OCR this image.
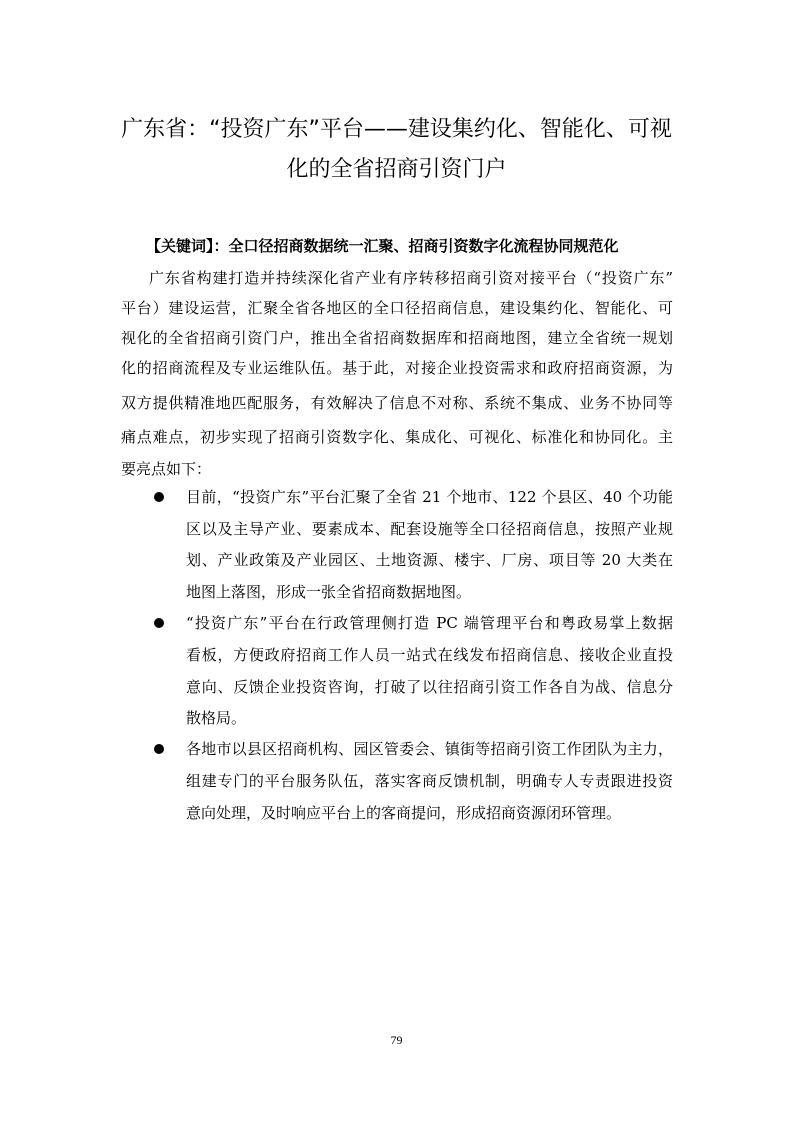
广东省：“投资广东”平台——建设集约化、智能化、可视
化的全省招商引资门户
【关键词】：全口径招商数据统一汇聚、招商引资数字化流程协同规范化
广东省构建打造并持续深化省产业有序转移招商引资对接平台（“投资广东”
平台）建设运营，汇聚全省各地区的全口径招商信息，建设集约化、智能化、可
视化的全省招商引资门户，推出全省招商数据库和招商地图，建立全省统一规划
化的招商流程及专业运维队伍。基于此，对接企业投资需求和政府招商资源，为
双方提供精准地匹配服务，有效解决了信息不对称、系统不集成、业务不协同等
痛点难点，初步实现了招商引资数字化、集成化、可视化、标准化和协同化。主
要亮点如下：
目前，“投资广东”平台汇聚了全省 21 个地市、122 个县区、40 个功能
区以及主导产业、要素成本、配套设施等全口径招商信息，按照产业规
划、产业政策及产业园区、土地资源、楼宇、厂房、项目等 20 大类在
地图上落图，形成一张全省招商数据地图。
“投资广东”平台在行政管理侧打造 PC 端管理平台和粤政易掌上数据
看板，方便政府招商工作人员一站式在线发布招商信息、接收企业直投
意向、反馈企业投资咨询，打破了以往招商引资工作各自为战、信息分
散格局。
各地市以县区招商机构、园区管委会、镇街等招商引资工作团队为主力，
组建专门的平台服务队伍，落实客商反馈机制，明确专人专责跟进投资
意向处理，及时响应平台上的客商提问，形成招商资源闭环管理。
79
